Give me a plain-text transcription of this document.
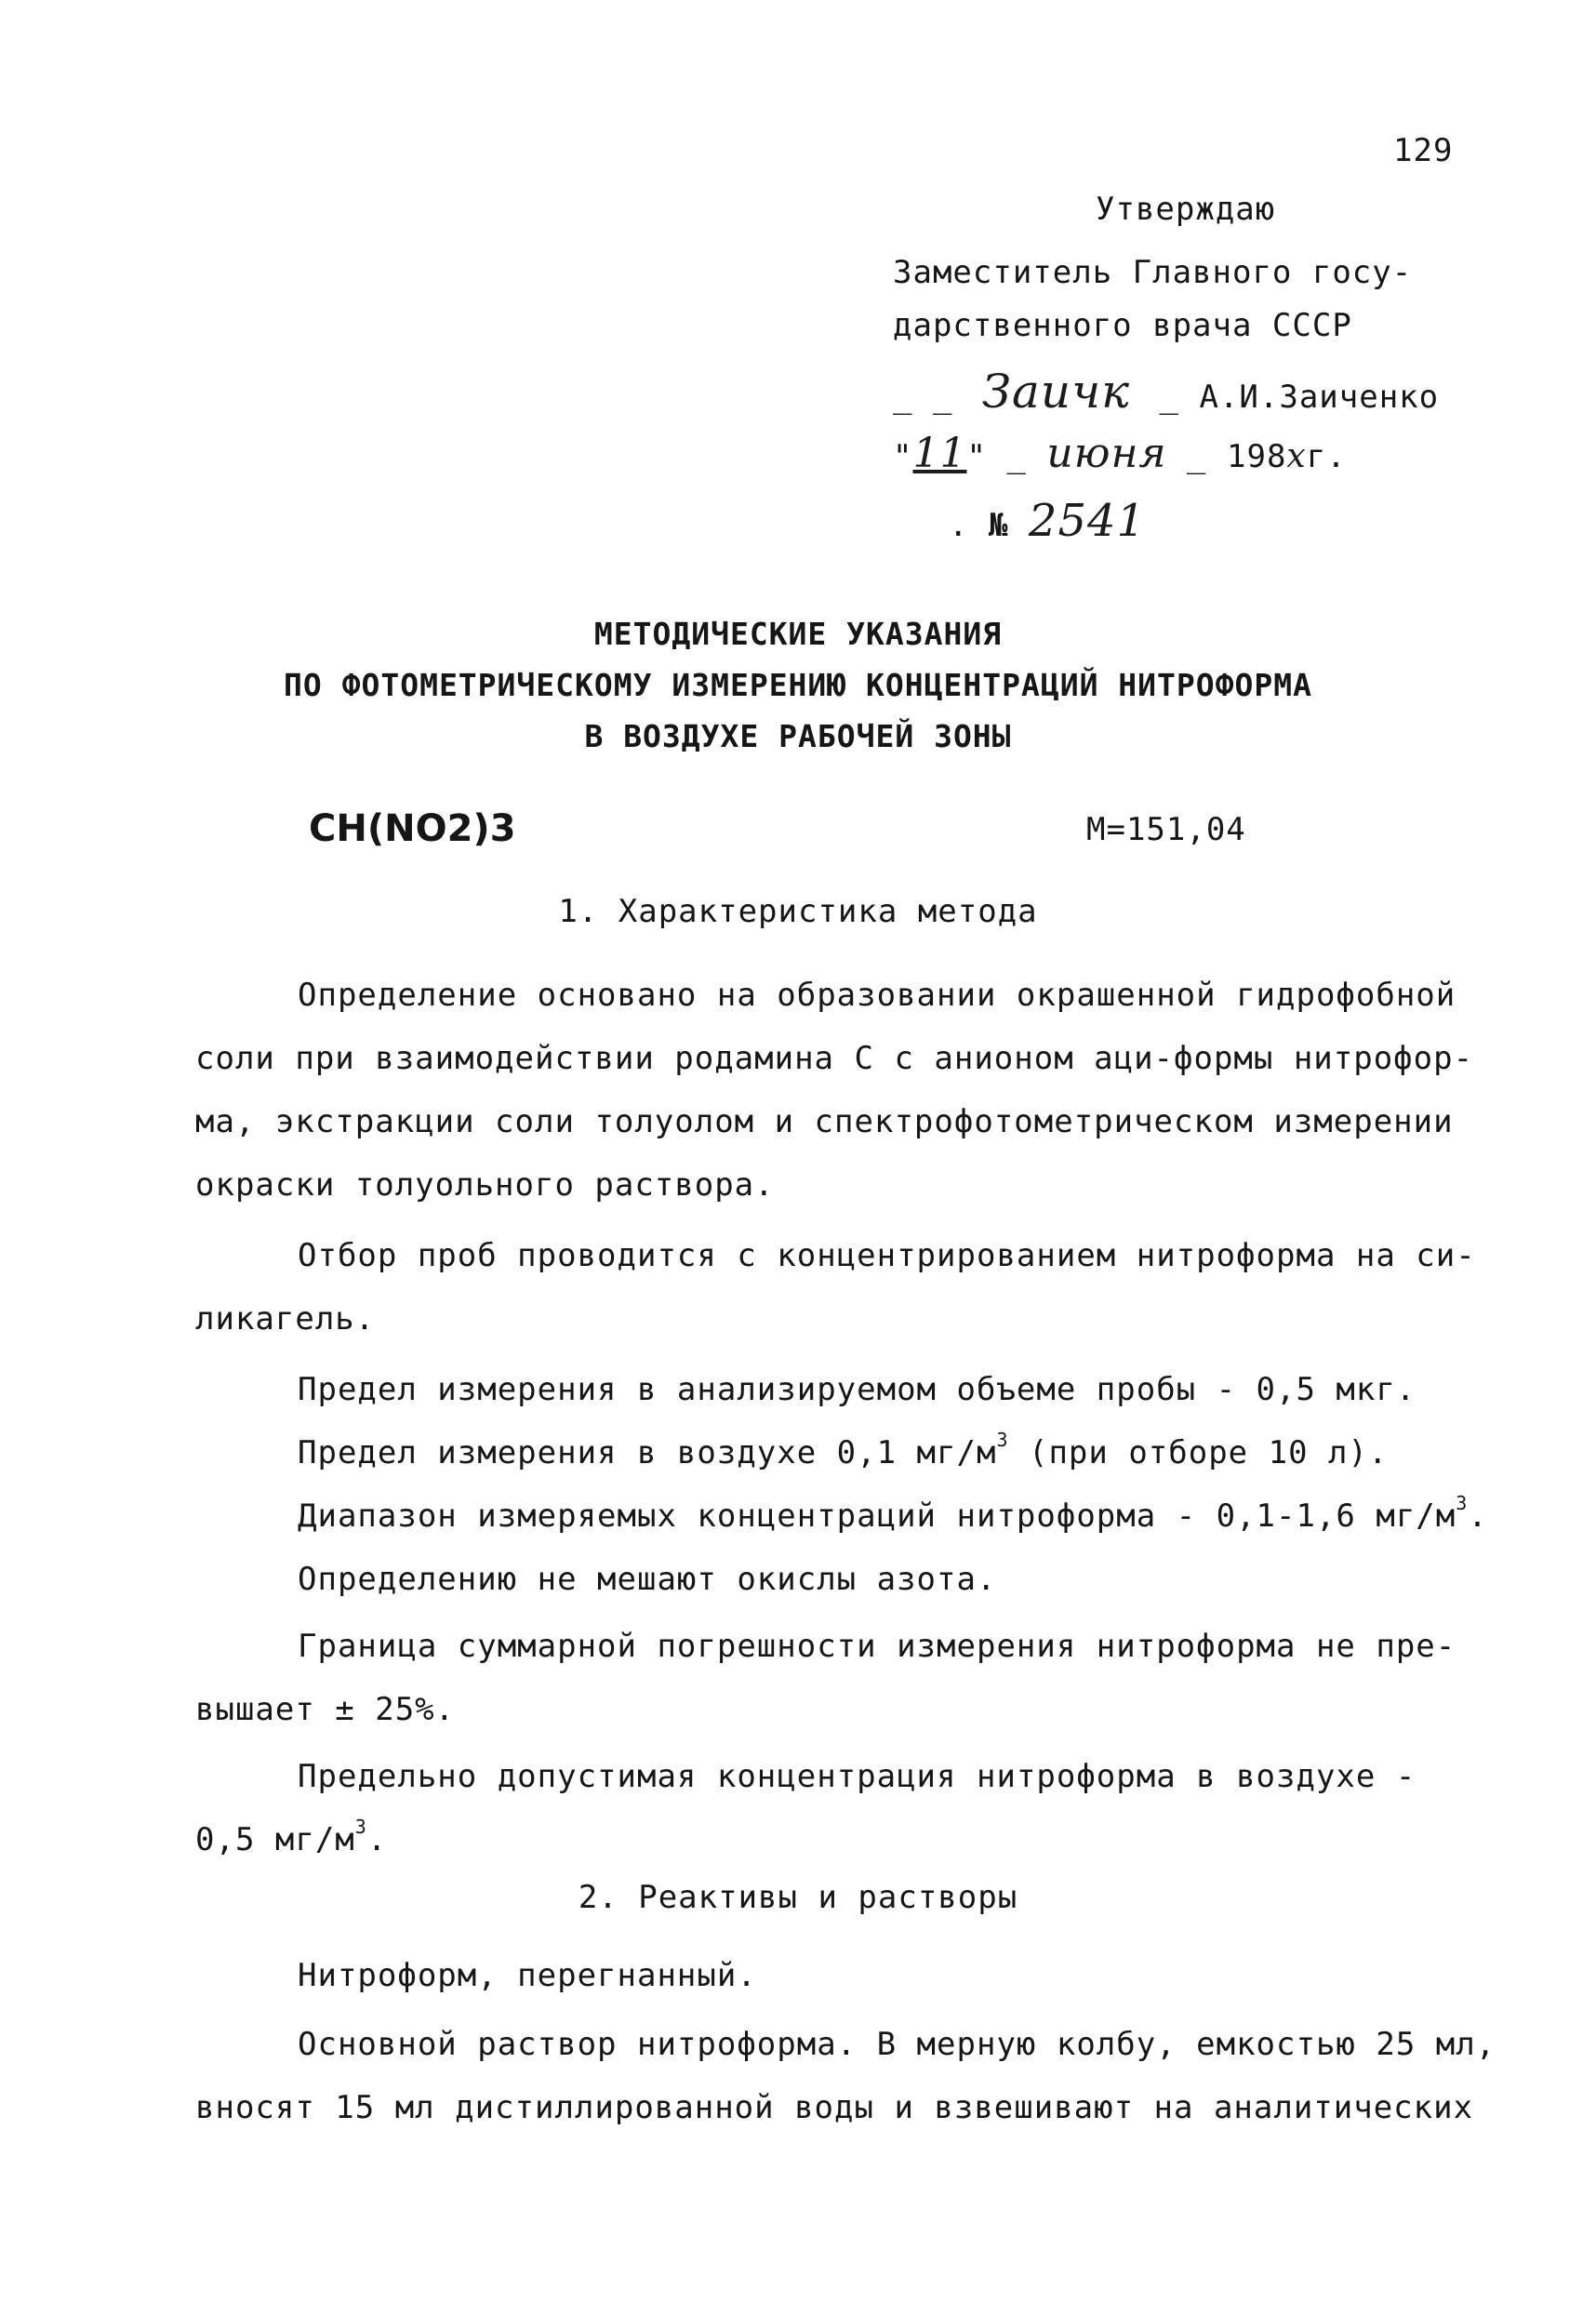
129
Утверждаю
Заместитель Главного госу-
дарственного врача СССР
_ _ Заичк _ А.И.Заиченко
"11" _ июня _ 198xг.
. № 2541
МЕТОДИЧЕСКИЕ УКАЗАНИЯ
ПО ФОТОМЕТРИЧЕСКОМУ ИЗМЕРЕНИЮ КОНЦЕНТРАЦИЙ НИТРОФОРМА
В ВОЗДУХЕ РАБОЧЕЙ ЗОНЫ
CH(NO2)3	М=151,04
1. Характеристика метода
Определение основано на образовании окрашенной гидрофобной
соли при взаимодействии родамина С с анионом аци-формы нитрофор-
ма, экстракции соли толуолом и спектрофотометрическом измерении
окраски толуольного раствора.
Отбор проб проводится с концентрированием нитроформа на си-
ликагель.
Предел измерения в анализируемом объеме пробы - 0,5 мкг.
Предел измерения в воздухе 0,1 $мг/м^3$ (при отборе 10 л).
Диапазон измеряемых концентраций нитроформа - 0,1-1,6 $мг/м^3$.
Определению не мешают окислы азота.
Граница суммарной погрешности измерения нитроформа не пре-
вышает ± 25%.
Предельно допустимая концентрация нитроформа в воздухе -
0,5 $мг/м^3$.
2. Реактивы и растворы
Нитроформ, перегнанный.
Основной раствор нитроформа. В мерную колбу, емкостью 25 мл,
вносят 15 мл дистиллированной воды и взвешивают на аналитических
